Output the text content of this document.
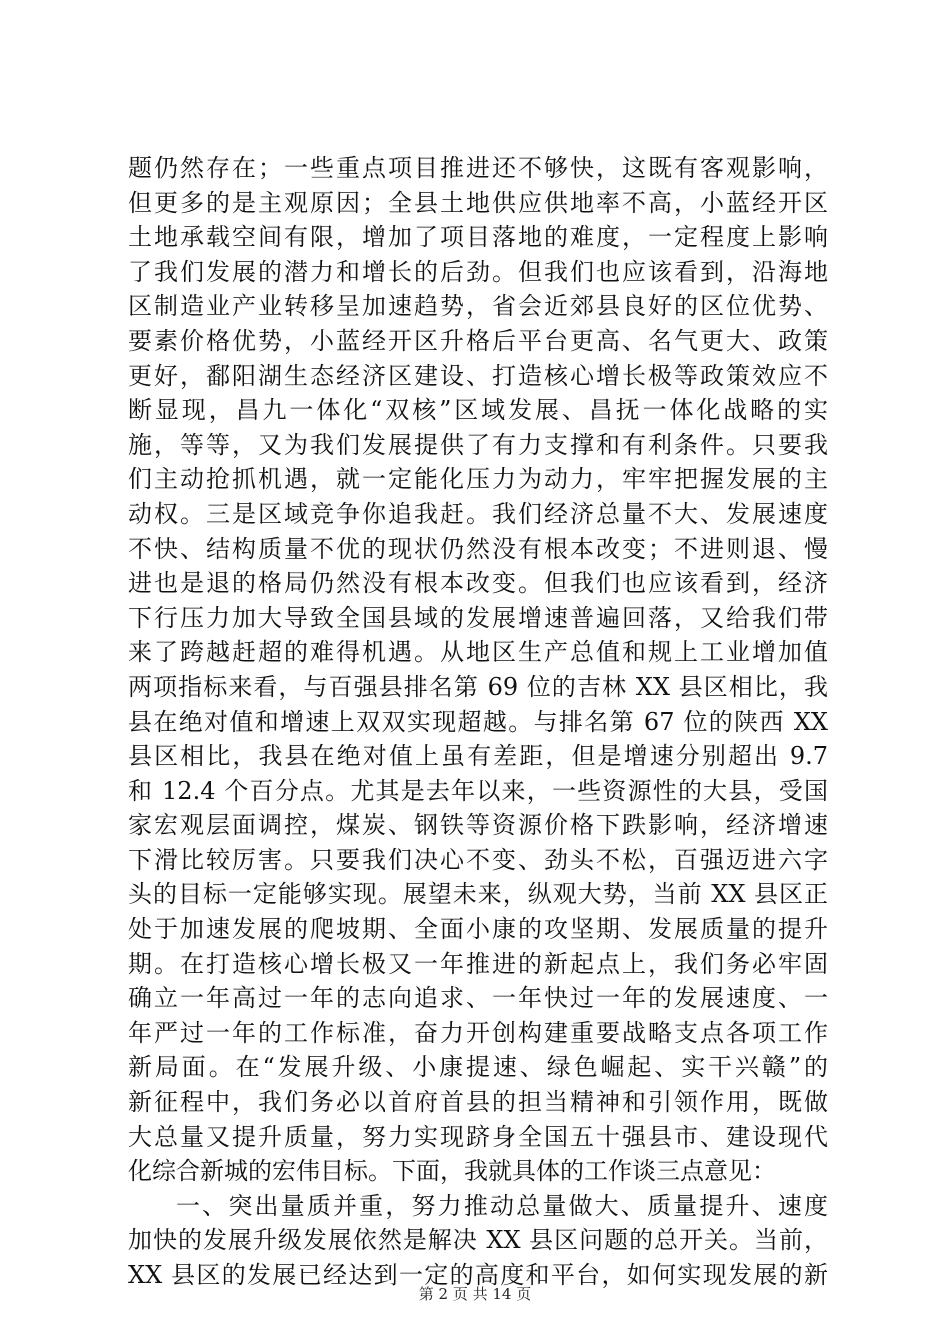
题仍然存在；一些重点项目推进还不够快，这既有客观影响，
但更多的是主观原因；全县土地供应供地率不高，小蓝经开区
土地承载空间有限，增加了项目落地的难度，一定程度上影响
了我们发展的潜力和增长的后劲。但我们也应该看到，沿海地
区制造业产业转移呈加速趋势，省会近郊县良好的区位优势、
要素价格优势，小蓝经开区升格后平台更高、名气更大、政策
更好，鄱阳湖生态经济区建设、打造核心增长极等政策效应不
断显现，昌九一体化“双核”区域发展、昌抚一体化战略的实
施，等等，又为我们发展提供了有力支撑和有利条件。只要我
们主动抢抓机遇，就一定能化压力为动力，牢牢把握发展的主
动权。三是区域竞争你追我赶。我们经济总量不大、发展速度
不快、结构质量不优的现状仍然没有根本改变；不进则退、慢
进也是退的格局仍然没有根本改变。但我们也应该看到，经济
下行压力加大导致全国县域的发展增速普遍回落，又给我们带
来了跨越赶超的难得机遇。从地区生产总值和规上工业增加值
两项指标来看，与百强县排名第 69 位的吉林 XX 县区相比，我
县在绝对值和增速上双双实现超越。与排名第 67 位的陕西 XX
县区相比，我县在绝对值上虽有差距，但是增速分别超出 9.7
和 12.4 个百分点。尤其是去年以来，一些资源性的大县，受国
家宏观层面调控，煤炭、钢铁等资源价格下跌影响，经济增速
下滑比较厉害。只要我们决心不变、劲头不松，百强迈进六字
头的目标一定能够实现。展望未来，纵观大势，当前 XX 县区正
处于加速发展的爬坡期、全面小康的攻坚期、发展质量的提升
期。在打造核心增长极又一年推进的新起点上，我们务必牢固
确立一年高过一年的志向追求、一年快过一年的发展速度、一
年严过一年的工作标准，奋力开创构建重要战略支点各项工作
新局面。在“发展升级、小康提速、绿色崛起、实干兴赣”的
新征程中，我们务必以首府首县的担当精神和引领作用，既做
大总量又提升质量，努力实现跻身全国五十强县市、建设现代
化综合新城的宏伟目标。下面，我就具体的工作谈三点意见：
一、突出量质并重，努力推动总量做大、质量提升、速度
加快的发展升级发展依然是解决 XX 县区问题的总开关。当前，
XX 县区的发展已经达到一定的高度和平台，如何实现发展的新
第 2 页 共 14 页
